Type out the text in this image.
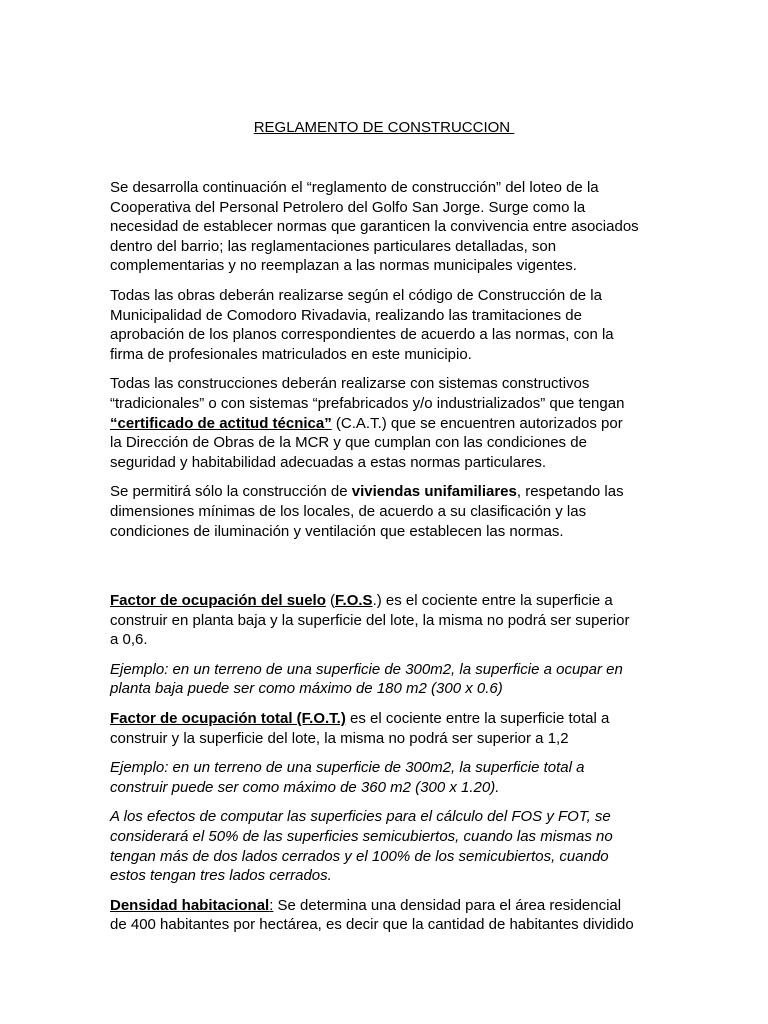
REGLAMENTO DE CONSTRUCCION

Se desarrolla continuación el “reglamento de construcción” del loteo de la
Cooperativa del Personal Petrolero del Golfo San Jorge. Surge como la
necesidad de establecer normas que garanticen la convivencia entre asociados
dentro del barrio; las reglamentaciones particulares detalladas, son
complementarias y no reemplazan a las normas municipales vigentes.

Todas las obras deberán realizarse según el código de Construcción de la
Municipalidad de Comodoro Rivadavia, realizando las tramitaciones de
aprobación de los planos correspondientes de acuerdo a las normas, con la
firma de profesionales matriculados en este municipio.

Todas las construcciones deberán realizarse con sistemas constructivos
“tradicionales” o con sistemas “prefabricados y/o industrializados” que tengan
“certificado de actitud técnica” (C.A.T.) que se encuentren autorizados por
la Dirección de Obras de la MCR y que cumplan con las condiciones de
seguridad y habitabilidad adecuadas a estas normas particulares.

Se permitirá sólo la construcción de viviendas unifamiliares, respetando las
dimensiones mínimas de los locales, de acuerdo a su clasificación y las
condiciones de iluminación y ventilación que establecen las normas.

Factor de ocupación del suelo (F.O.S.) es el cociente entre la superficie a
construir en planta baja y la superficie del lote, la misma no podrá ser superior
a 0,6.

Ejemplo: en un terreno de una superficie de 300m2, la superficie a ocupar en
planta baja puede ser como máximo de 180 m2 (300 x 0.6)

Factor de ocupación total (F.O.T.) es el cociente entre la superficie total a
construir y la superficie del lote, la misma no podrá ser superior a 1,2

Ejemplo: en un terreno de una superficie de 300m2, la superficie total a
construir puede ser como máximo de 360 m2 (300 x 1.20).

A los efectos de computar las superficies para el cálculo del FOS y FOT, se
considerará el 50% de las superficies semicubiertos, cuando las mismas no
tengan más de dos lados cerrados y el 100% de los semicubiertos, cuando
estos tengan tres lados cerrados.

Densidad habitacional: Se determina una densidad para el área residencial
de 400 habitantes por hectárea, es decir que la cantidad de habitantes dividido
